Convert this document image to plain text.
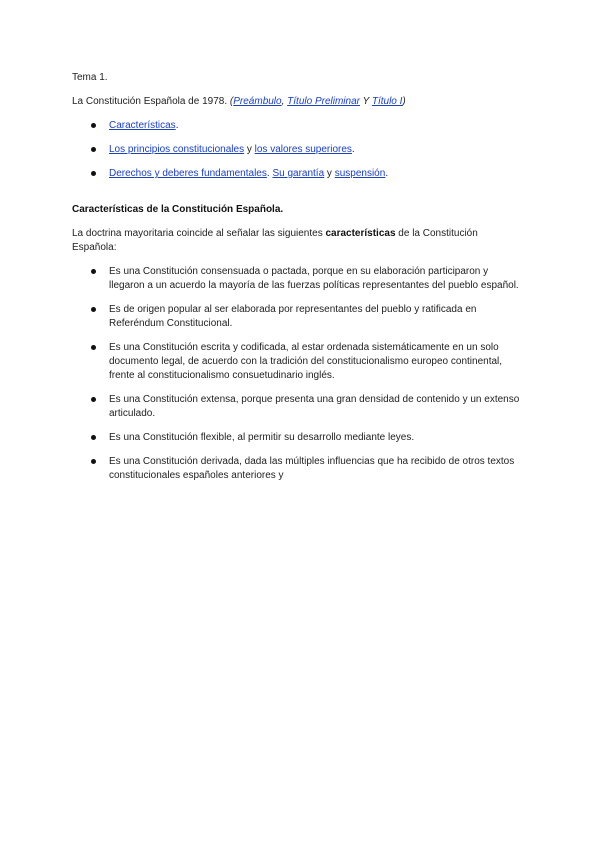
Tema 1.

La Constitución Española de 1978. (Preámbulo, Título Preliminar Y Título I)

Características.
Los principios constitucionales y los valores superiores.
Derechos y deberes fundamentales. Su garantía y suspensión.

Características de la Constitución Española.

La doctrina mayoritaria coincide al señalar las siguientes características de la Constitución Española:

Es una Constitución consensuada o pactada, porque en su elaboración participaron y llegaron a un acuerdo la mayoría de las fuerzas políticas representantes del pueblo español.
Es de origen popular al ser elaborada por representantes del pueblo y ratificada en Referéndum Constitucional.
Es una Constitución escrita y codificada, al estar ordenada sistemáticamente en un solo documento legal, de acuerdo con la tradición del constitucionalismo europeo continental, frente al constitucionalismo consuetudinario inglés.
Es una Constitución extensa, porque presenta una gran densidad de contenido y un extenso articulado.
Es una Constitución flexible, al permitir su desarrollo mediante leyes.
Es una Constitución derivada, dada las múltiples influencias que ha recibido de otros textos constitucionales españoles anteriores y
